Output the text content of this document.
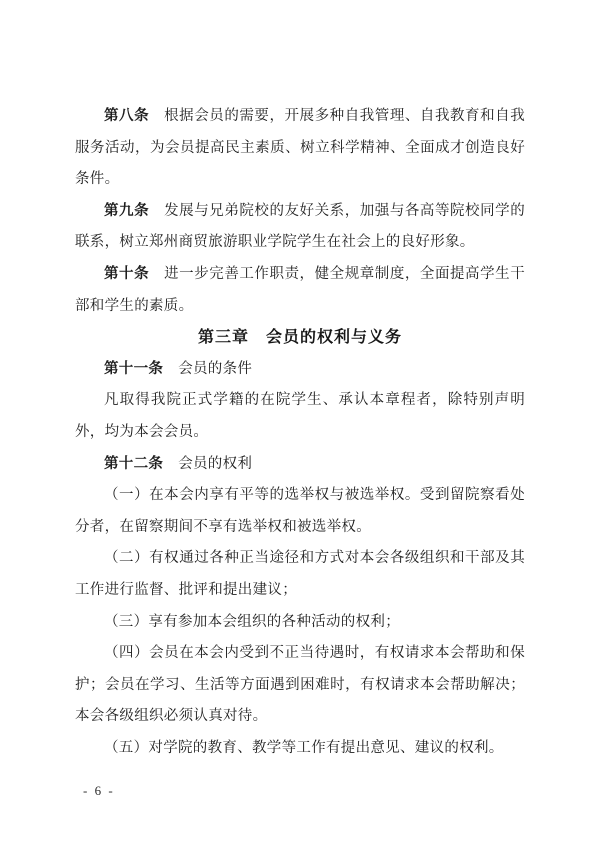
第八条 根据会员的需要，开展多种自我管理、自我教育和自我服务活动，为会员提高民主素质、树立科学精神、全面成才创造良好条件。

第九条 发展与兄弟院校的友好关系，加强与各高等院校同学的联系，树立郑州商贸旅游职业学院学生在社会上的良好形象。

第十条 进一步完善工作职责，健全规章制度，全面提高学生干部和学生的素质。

第三章　会员的权利与义务

第十一条 会员的条件

凡取得我院正式学籍的在院学生、承认本章程者，除特别声明外，均为本会会员。

第十二条 会员的权利

（一）在本会内享有平等的选举权与被选举权。受到留院察看处分者，在留察期间不享有选举权和被选举权。

（二）有权通过各种正当途径和方式对本会各级组织和干部及其工作进行监督、批评和提出建议；

（三）享有参加本会组织的各种活动的权利；

（四）会员在本会内受到不正当待遇时，有权请求本会帮助和保护；会员在学习、生活等方面遇到困难时，有权请求本会帮助解决；本会各级组织必须认真对待。

（五）对学院的教育、教学等工作有提出意见、建议的权利。

- 6 -
